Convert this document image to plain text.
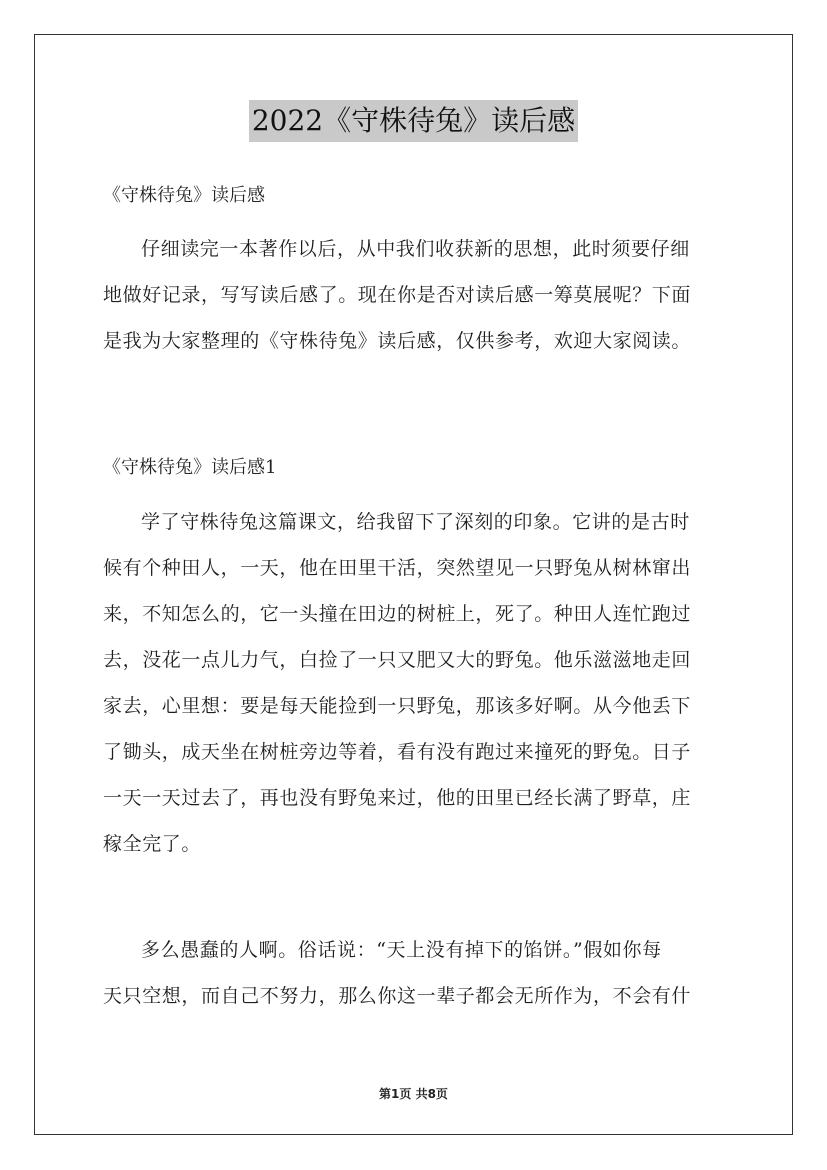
2022《守株待兔》读后感
《守株待兔》读后感
仔细读完一本著作以后，从中我们收获新的思想，此时须要仔细
地做好记录，写写读后感了。现在你是否对读后感一筹莫展呢？下面
是我为大家整理的《守株待兔》读后感，仅供参考，欢迎大家阅读。
《守株待兔》读后感1
学了守株待兔这篇课文，给我留下了深刻的印象。它讲的是古时
候有个种田人，一天，他在田里干活，突然望见一只野兔从树林窜出
来，不知怎么的，它一头撞在田边的树桩上，死了。种田人连忙跑过
去，没花一点儿力气，白捡了一只又肥又大的野兔。他乐滋滋地走回
家去，心里想：要是每天能捡到一只野兔，那该多好啊。从今他丢下
了锄头，成天坐在树桩旁边等着，看有没有跑过来撞死的野兔。日子
一天一天过去了，再也没有野兔来过，他的田里已经长满了野草，庄
稼全完了。
多么愚蠢的人啊。俗话说：“天上没有掉下的馅饼。”假如你每
天只空想，而自己不努力，那么你这一辈子都会无所作为，不会有什
第1页 共8页
